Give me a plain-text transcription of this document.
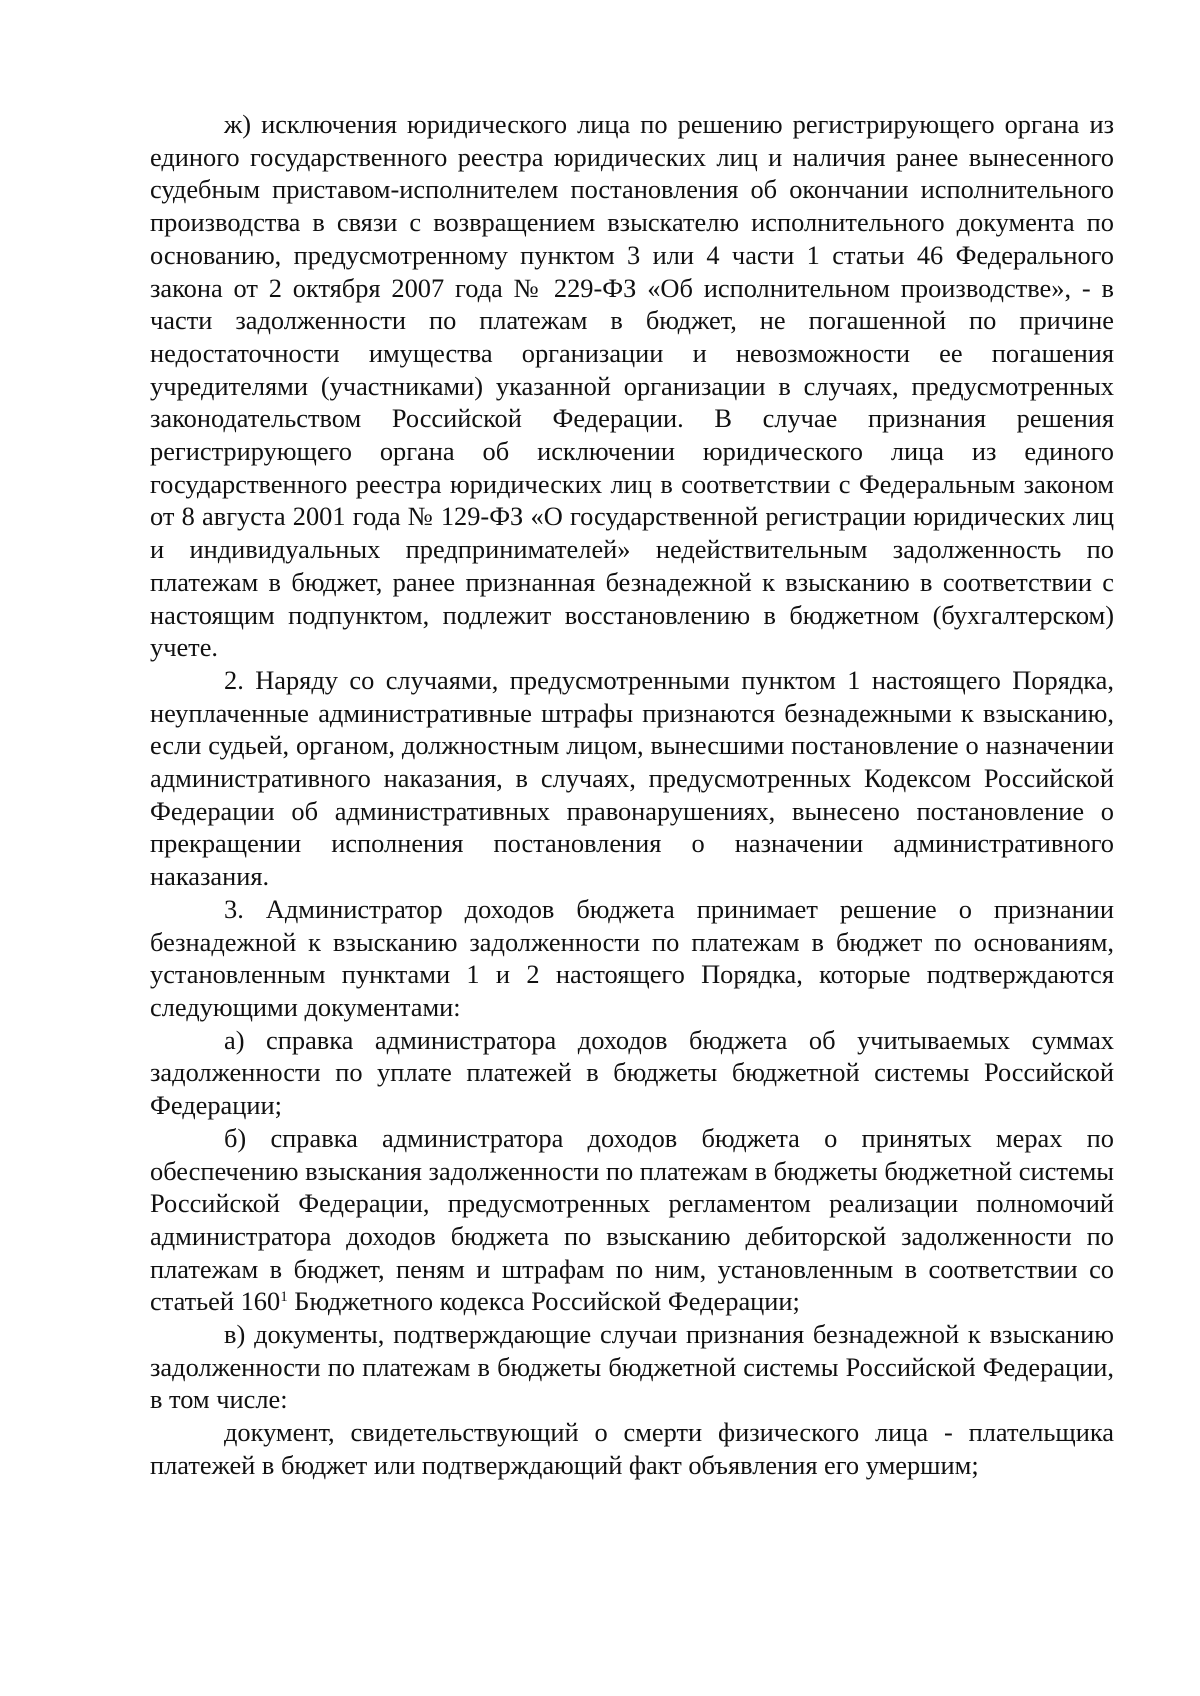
ж) исключения юридического лица по решению регистрирующего органа из единого государственного реестра юридических лиц и наличия ранее вынесенного судебным приставом-исполнителем постановления об окончании исполнительного производства в связи с возвращением взыскателю исполнительного документа по основанию, предусмотренному пунктом 3 или 4 части 1 статьи 46 Федерального закона от 2 октября 2007 года № 229-ФЗ «Об исполнительном производстве», - в части задолженности по платежам в бюджет, не погашенной по причине недостаточности имущества организации и невозможности ее погашения учредителями (участниками) указанной организации в случаях, предусмотренных законодательством Российской Федерации. В случае признания решения регистрирующего органа об исключении юридического лица из единого государственного реестра юридических лиц в соответствии с Федеральным законом от 8 августа 2001 года № 129-ФЗ «О государственной регистрации юридических лиц и индивидуальных предпринимателей» недействительным задолженность по платежам в бюджет, ранее признанная безнадежной к взысканию в соответствии с настоящим подпунктом, подлежит восстановлению в бюджетном (бухгалтерском) учете.

2. Наряду со случаями, предусмотренными пунктом 1 настоящего Порядка, неуплаченные административные штрафы признаются безнадежными к взысканию, если судьей, органом, должностным лицом, вынесшими постановление о назначении административного наказания, в случаях, предусмотренных Кодексом Российской Федерации об административных правонарушениях, вынесено постановление о прекращении исполнения постановления о назначении административного наказания.

3. Администратор доходов бюджета принимает решение о признании безнадежной к взысканию задолженности по платежам в бюджет по основаниям, установленным пунктами 1 и 2 настоящего Порядка, которые подтверждаются следующими документами:

а) справка администратора доходов бюджета об учитываемых суммах задолженности по уплате платежей в бюджеты бюджетной системы Российской Федерации;

б) справка администратора доходов бюджета о принятых мерах по обеспечению взыскания задолженности по платежам в бюджеты бюджетной системы Российской Федерации, предусмотренных регламентом реализации полномочий администратора доходов бюджета по взысканию дебиторской задолженности по платежам в бюджет, пеням и штрафам по ним, установленным в соответствии со статьей $160^1$ Бюджетного кодекса Российской Федерации;

в) документы, подтверждающие случаи признания безнадежной к взысканию задолженности по платежам в бюджеты бюджетной системы Российской Федерации, в том числе:

документ, свидетельствующий о смерти физического лица - плательщика платежей в бюджет или подтверждающий факт объявления его умершим;
